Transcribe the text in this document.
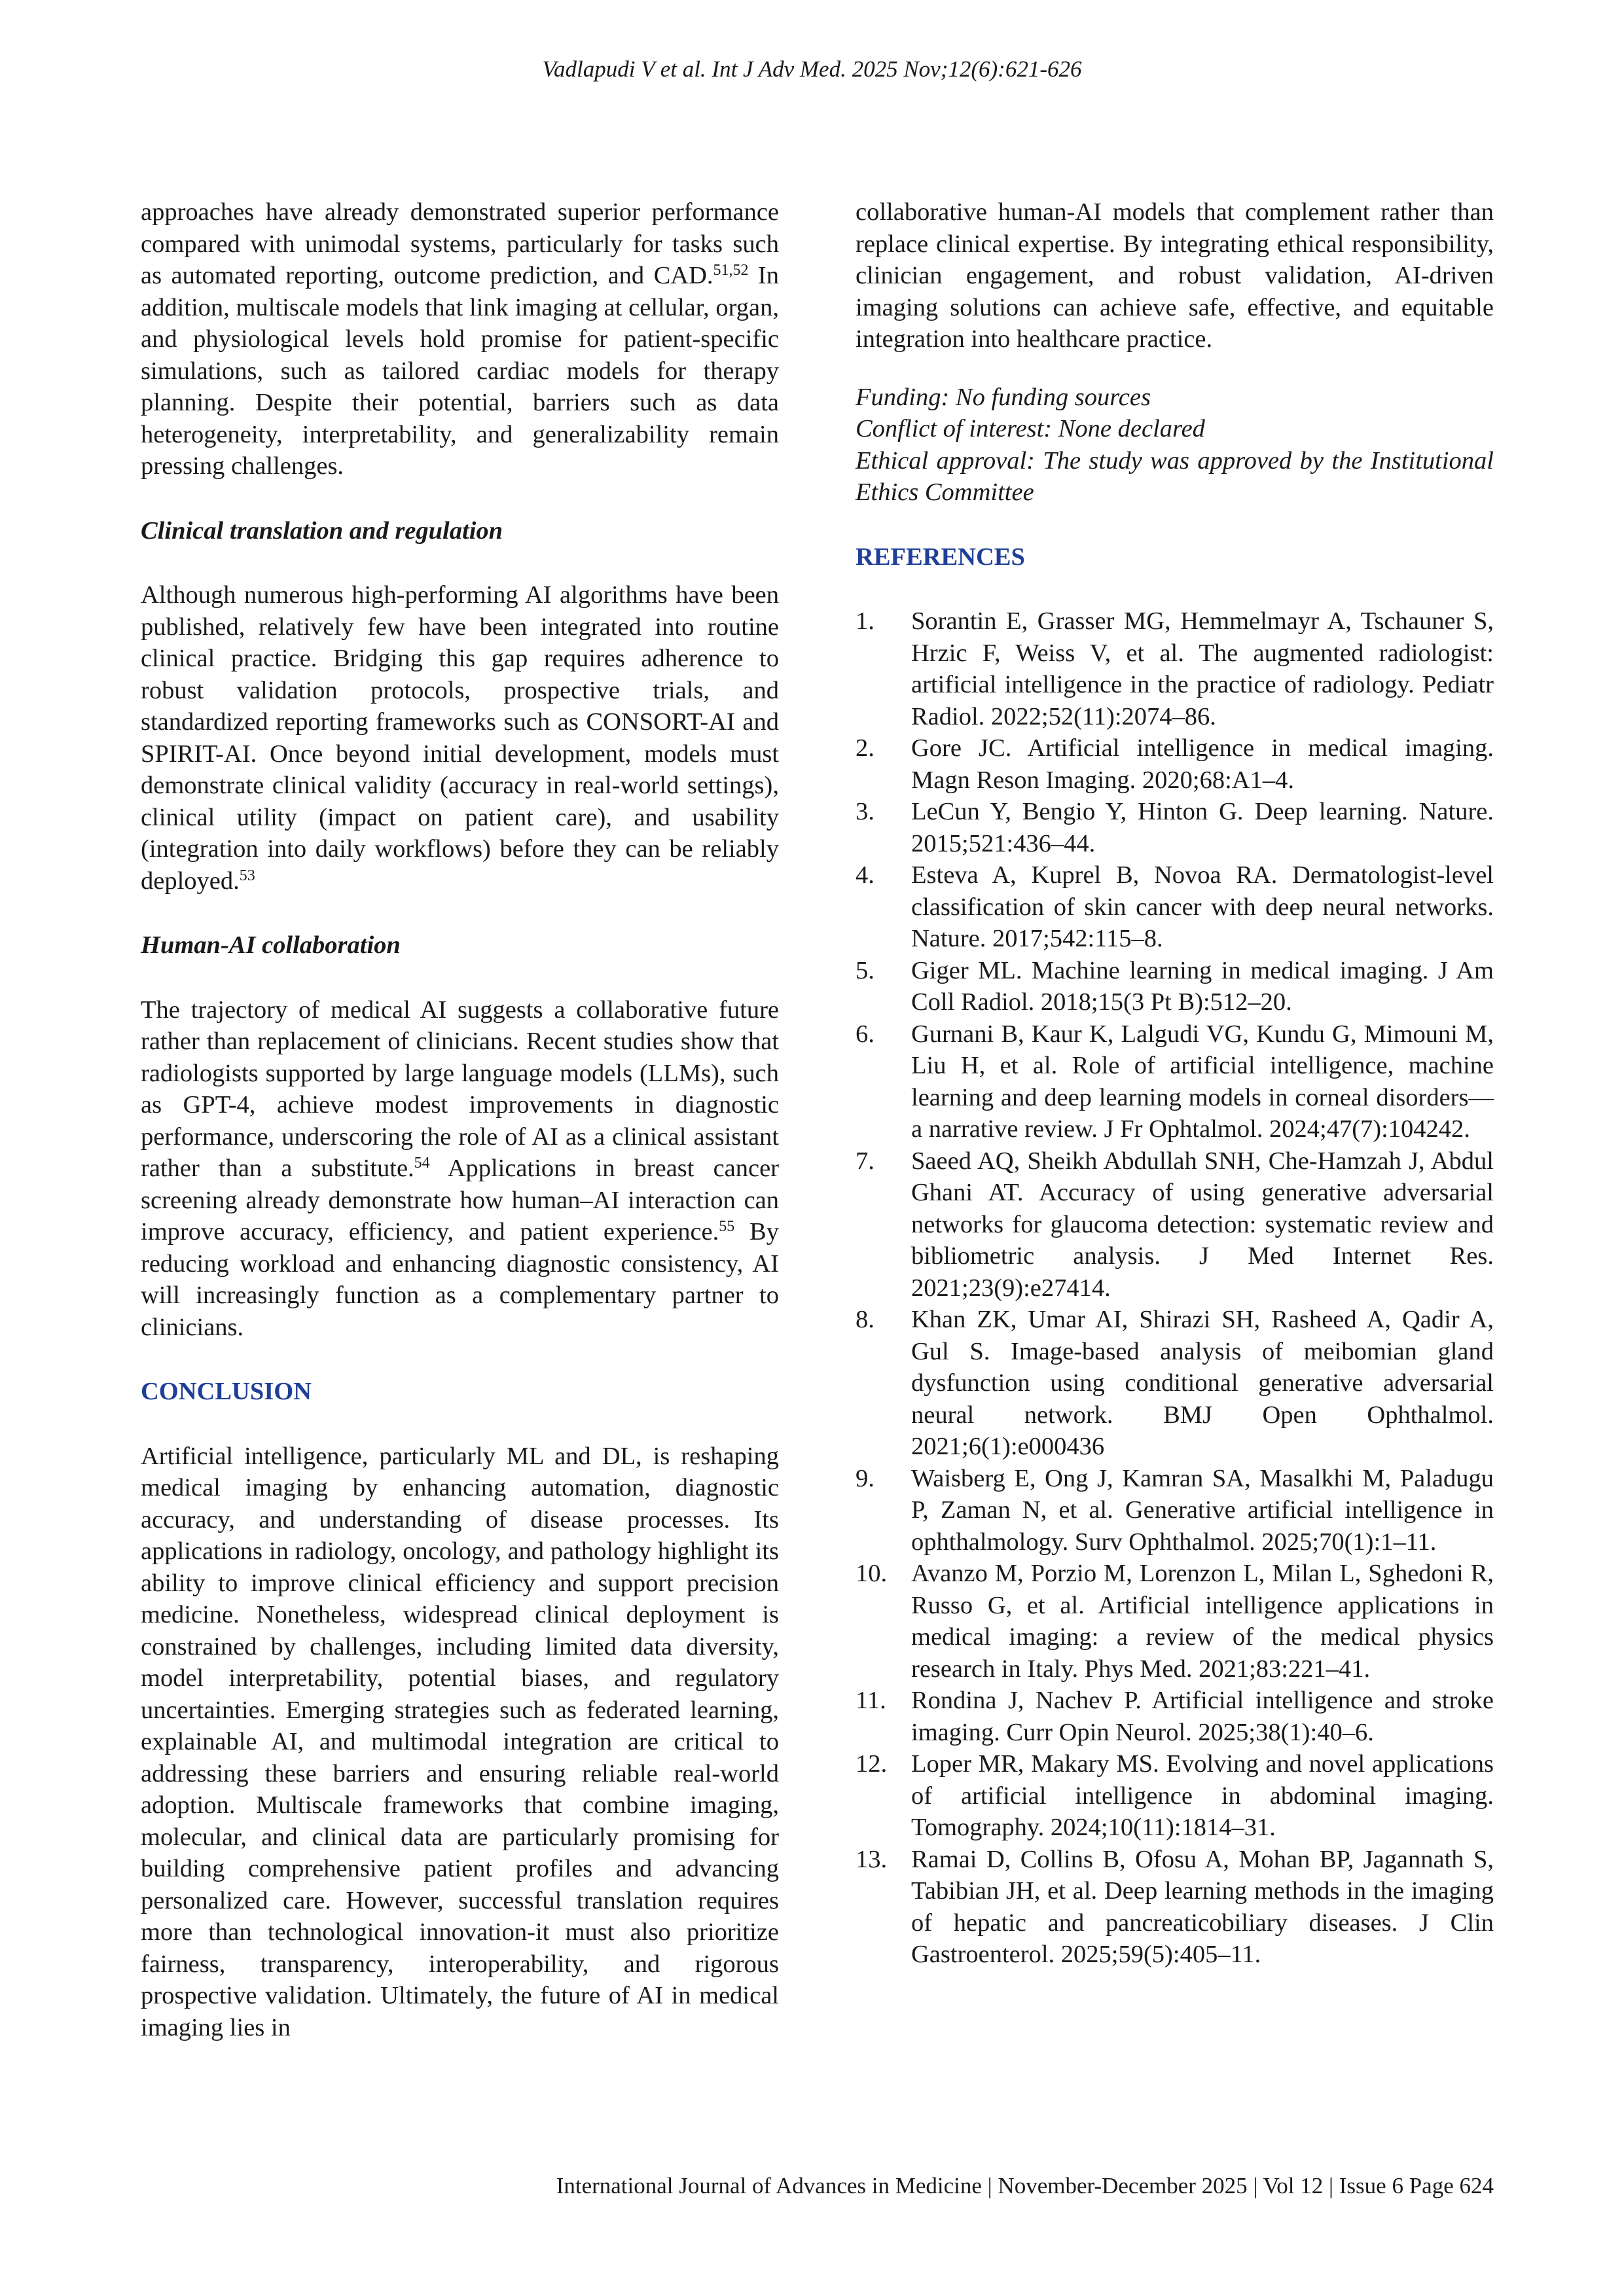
Vadlapudi V et al. Int J Adv Med. 2025 Nov;12(6):621-626

approaches have already demonstrated superior performance compared with unimodal systems, particularly for tasks such as automated reporting, outcome prediction, and CAD.$^{51,52}$ In addition, multiscale models that link imaging at cellular, organ, and physiological levels hold promise for patient-specific simulations, such as tailored cardiac models for therapy planning. Despite their potential, barriers such as data heterogeneity, interpretability, and generalizability remain pressing challenges.

Clinical translation and regulation

Although numerous high-performing AI algorithms have been published, relatively few have been integrated into routine clinical practice. Bridging this gap requires adherence to robust validation protocols, prospective trials, and standardized reporting frameworks such as CONSORT-AI and SPIRIT-AI. Once beyond initial development, models must demonstrate clinical validity (accuracy in real-world settings), clinical utility (impact on patient care), and usability (integration into daily workflows) before they can be reliably deployed.$^{53}$

Human-AI collaboration

The trajectory of medical AI suggests a collaborative future rather than replacement of clinicians. Recent studies show that radiologists supported by large language models (LLMs), such as GPT-4, achieve modest improvements in diagnostic performance, underscoring the role of AI as a clinical assistant rather than a substitute.$^{54}$ Applications in breast cancer screening already demonstrate how human–AI interaction can improve accuracy, efficiency, and patient experience.$^{55}$ By reducing workload and enhancing diagnostic consistency, AI will increasingly function as a complementary partner to clinicians.

CONCLUSION

Artificial intelligence, particularly ML and DL, is reshaping medical imaging by enhancing automation, diagnostic accuracy, and understanding of disease processes. Its applications in radiology, oncology, and pathology highlight its ability to improve clinical efficiency and support precision medicine. Nonetheless, widespread clinical deployment is constrained by challenges, including limited data diversity, model interpretability, potential biases, and regulatory uncertainties. Emerging strategies such as federated learning, explainable AI, and multimodal integration are critical to addressing these barriers and ensuring reliable real-world adoption. Multiscale frameworks that combine imaging, molecular, and clinical data are particularly promising for building comprehensive patient profiles and advancing personalized care. However, successful translation requires more than technological innovation-it must also prioritize fairness, transparency, interoperability, and rigorous prospective validation. Ultimately, the future of AI in medical imaging lies in

collaborative human-AI models that complement rather than replace clinical expertise. By integrating ethical responsibility, clinician engagement, and robust validation, AI-driven imaging solutions can achieve safe, effective, and equitable integration into healthcare practice.

Funding: No funding sources
Conflict of interest: None declared

Ethical approval: The study was approved by the Institutional Ethics Committee

REFERENCES
1.	Sorantin E, Grasser MG, Hemmelmayr A, Tschauner S, Hrzic F, Weiss V, et al. The augmented radiologist: artificial intelligence in the practice of radiology. Pediatr Radiol. 2022;52(11):2074–86.
2.	Gore JC. Artificial intelligence in medical imaging. Magn Reson Imaging. 2020;68:A1–4.
3.	LeCun Y, Bengio Y, Hinton G. Deep learning. Nature. 2015;521:436–44.
4.	Esteva A, Kuprel B, Novoa RA. Dermatologist-level classification of skin cancer with deep neural networks. Nature. 2017;542:115–8.
5.	Giger ML. Machine learning in medical imaging. J Am Coll Radiol. 2018;15(3 Pt B):512–20.
6.	Gurnani B, Kaur K, Lalgudi VG, Kundu G, Mimouni M, Liu H, et al. Role of artificial intelligence, machine learning and deep learning models in corneal disorders—a narrative review. J Fr Ophtalmol. 2024;47(7):104242.
7.	Saeed AQ, Sheikh Abdullah SNH, Che-Hamzah J, Abdul Ghani AT. Accuracy of using generative adversarial networks for glaucoma detection: systematic review and bibliometric analysis. J Med Internet Res. 2021;23(9):e27414.
8.	Khan ZK, Umar AI, Shirazi SH, Rasheed A, Qadir A, Gul S. Image-based analysis of meibomian gland dysfunction using conditional generative adversarial neural network. BMJ Open Ophthalmol. 2021;6(1):e000436
9.	Waisberg E, Ong J, Kamran SA, Masalkhi M, Paladugu P, Zaman N, et al. Generative artificial intelligence in ophthalmology. Surv Ophthalmol. 2025;70(1):1–11.
10. Avanzo M, Porzio M, Lorenzon L, Milan L, Sghedoni R, Russo G, et al. Artificial intelligence applications in medical imaging: a review of the medical physics research in Italy. Phys Med. 2021;83:221–41.
11. Rondina J, Nachev P. Artificial intelligence and stroke imaging. Curr Opin Neurol. 2025;38(1):40–6.
12. Loper MR, Makary MS. Evolving and novel applications of artificial intelligence in abdominal imaging. Tomography. 2024;10(11):1814–31.
13. Ramai D, Collins B, Ofosu A, Mohan BP, Jagannath S, Tabibian JH, et al. Deep learning methods in the imaging of hepatic and pancreaticobiliary diseases. J Clin Gastroenterol. 2025;59(5):405–11.
International Journal of Advances in Medicine | November-December 2025 | Vol 12 | Issue 6 Page 624
